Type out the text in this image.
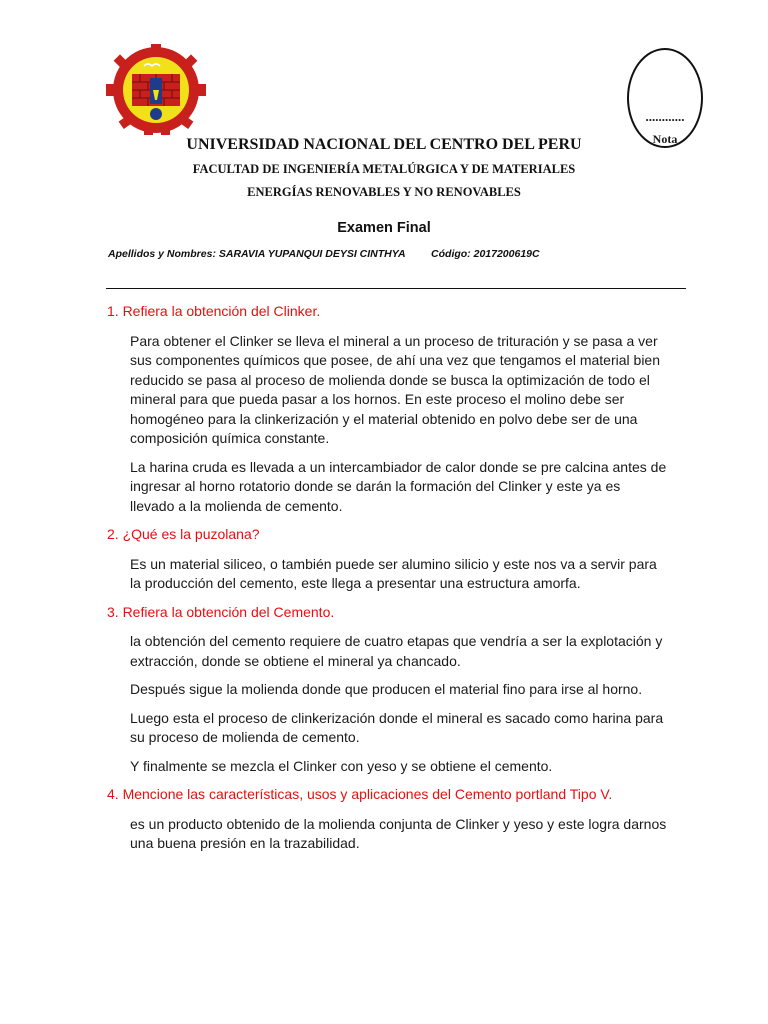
............
Nota
UNIVERSIDAD NACIONAL DEL CENTRO DEL PERU
FACULTAD DE INGENIERÍA METALÚRGICA Y DE MATERIALES
ENERGÍAS RENOVABLES Y NO RENOVABLES
Examen Final
Apellidos y Nombres: SARAVIA YUPANQUI DEYSI CINTHYA Código: 2017200619C
1. Refiera la obtención del Clinker.
Para obtener el Clinker se lleva el mineral a un proceso de trituración y se pasa a ver sus componentes químicos que posee, de ahí una vez que tengamos el material bien reducido se pasa al proceso de molienda donde se busca la optimización de todo el mineral para que pueda pasar a los hornos. En este proceso el molino debe ser homogéneo para la clinkerización y el material obtenido en polvo debe ser de una composición química constante.
La harina cruda es llevada a un intercambiador de calor donde se pre calcina antes de ingresar al horno rotatorio donde se darán la formación del Clinker y este ya es llevado a la molienda de cemento.
2. ¿Qué es la puzolana?
Es un material siliceo, o también puede ser alumino silicio y este nos va a servir para la producción del cemento, este llega a presentar una estructura amorfa.
3. Refiera la obtención del Cemento.
la obtención del cemento requiere de cuatro etapas que vendría a ser la explotación y extracción, donde se obtiene el mineral ya chancado.
Después sigue la molienda donde que producen el material fino para irse al horno.
Luego esta el proceso de clinkerización donde el mineral es sacado como harina para su proceso de molienda de cemento.
Y finalmente se mezcla el Clinker con yeso y se obtiene el cemento.
4. Mencione las características, usos y aplicaciones del Cemento portland Tipo V.
es un producto obtenido de la molienda conjunta de Clinker y yeso y este logra darnos una buena presión en la trazabilidad.
